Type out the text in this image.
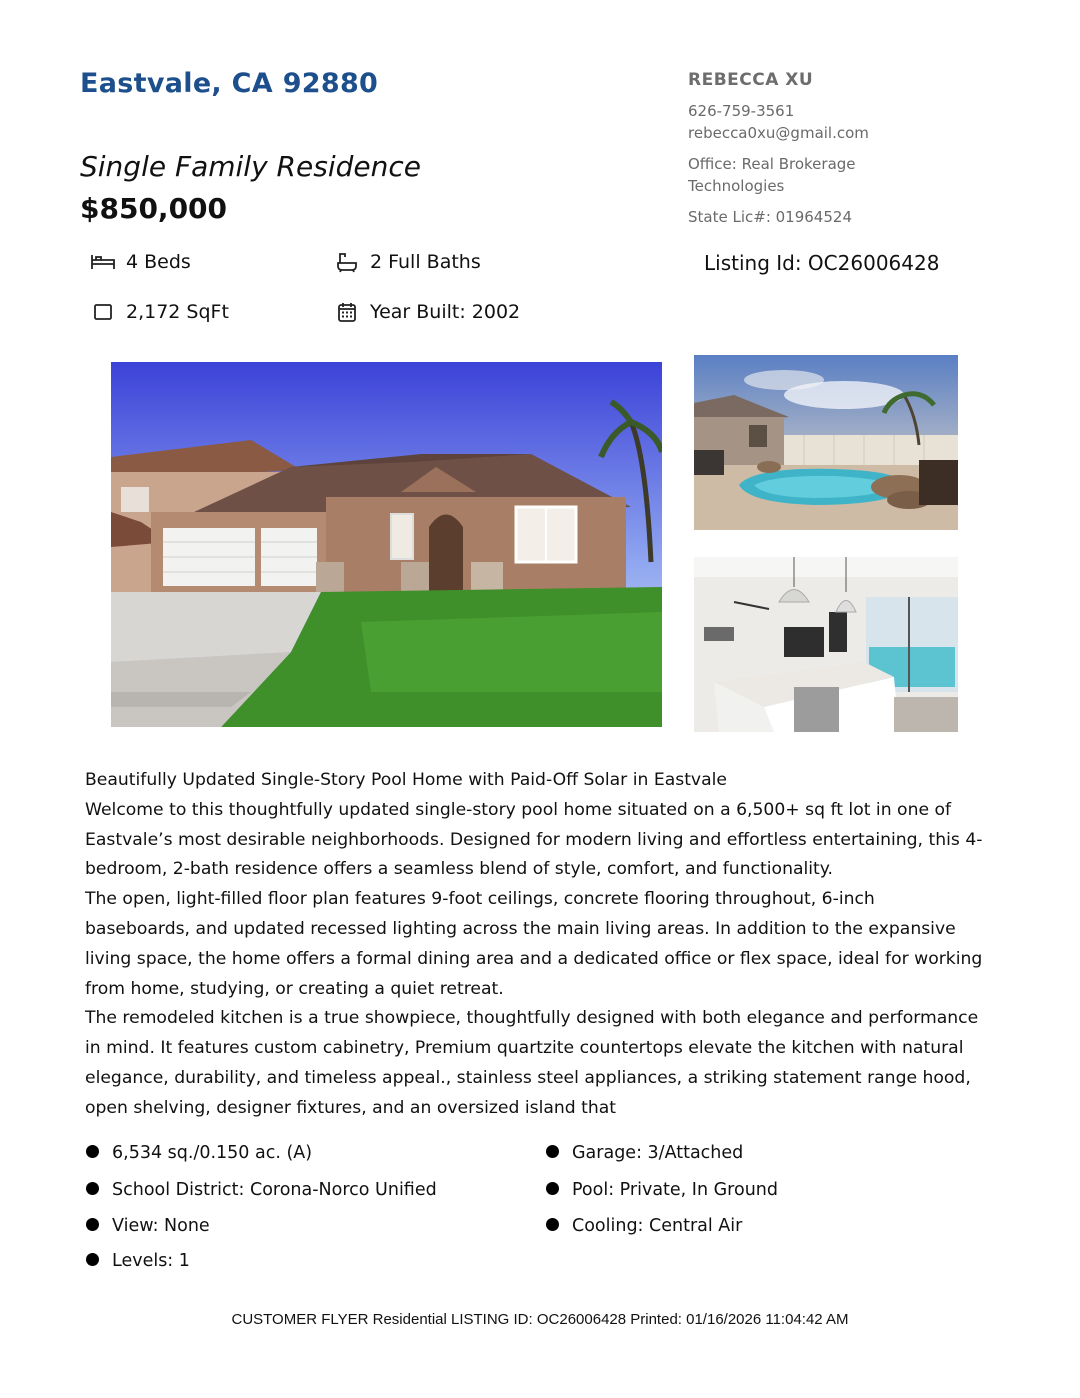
Eastvale, CA 92880
Single Family Residence
$850,000
REBECCA XU
626-759-3561
rebecca0xu@gmail.com
Office: Real Brokerage
Technologies
State Lic#: 01964524
4 Beds	2 Full Baths	Listing Id: OC26006428
2,172 SqFt	Year Built: 2002

Beautifully Updated Single-Story Pool Home with Paid-Off Solar in Eastvale

Welcome to this thoughtfully updated single-story pool home situated on a 6,500+ sq ft lot in one of Eastvale’s most desirable neighborhoods. Designed for modern living and effortless entertaining, this 4-bedroom, 2-bath residence offers a seamless blend of style, comfort, and functionality.

The open, light-filled floor plan features 9-foot ceilings, concrete flooring throughout, 6-inch baseboards, and updated recessed lighting across the main living areas. In addition to the expansive living space, the home offers a formal dining area and a dedicated office or flex space, ideal for working from home, studying, or creating a quiet retreat.

The remodeled kitchen is a true showpiece, thoughtfully designed with both elegance and performance in mind. It features custom cabinetry, Premium quartzite countertops elevate the kitchen with natural elegance, durability, and timeless appeal., stainless steel appliances, a striking statement range hood, open shelving, designer fixtures, and an oversized island that

6,534 sq./0.150 ac. (A)
School District: Corona-Norco Unified
View: None
Levels: 1
Garage: 3/Attached
Pool: Private, In Ground
Cooling: Central Air
CUSTOMER FLYER Residential LISTING ID: OC26006428 Printed: 01/16/2026 11:04:42 AM
